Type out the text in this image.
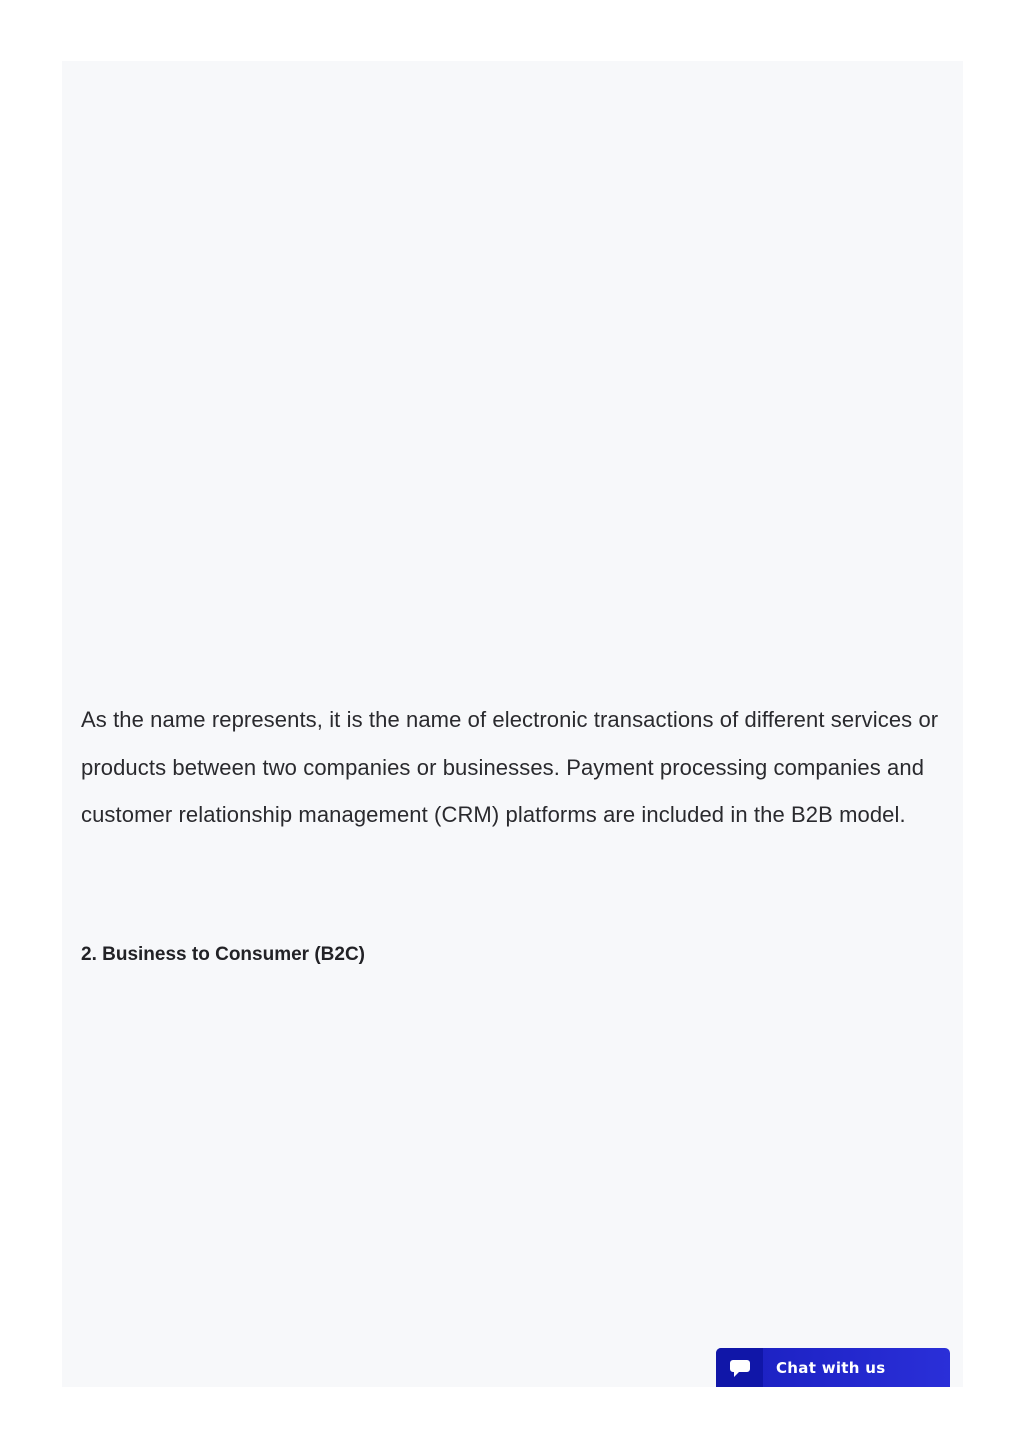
As the name represents, it is the name of electronic transactions of different services or products between two companies or businesses. Payment processing companies and customer relationship management (CRM) platforms are included in the B2B model.

2. Business to Consumer (B2C)
Chat with us
